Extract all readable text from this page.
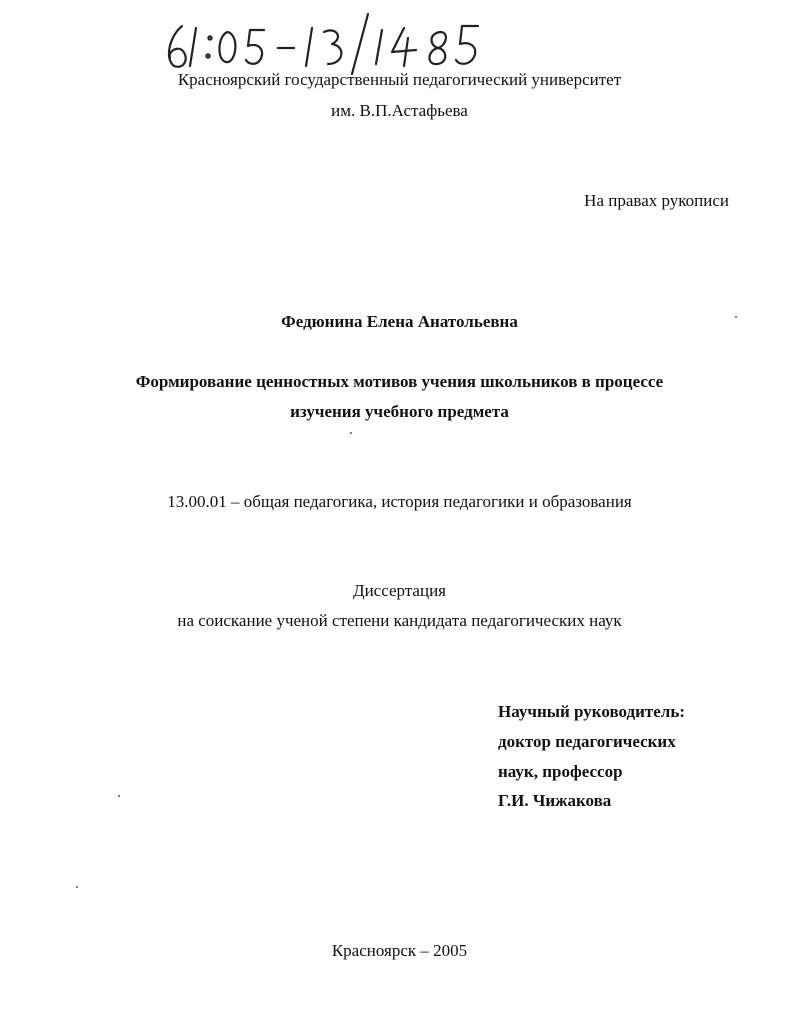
Красноярский государственный педагогический университет
им. В.П.Астафьева
На правах рукописи
Федюнина Елена Анатольевна
Формирование ценностных мотивов учения школьников в процессе
изучения учебного предмета
13.00.01 – общая педагогика, история педагогики и образования
Диссертация
на соискание ученой степени кандидата педагогических наук
Научный руководитель:
доктор педагогических
наук, профессор
Г.И. Чижакова
Красноярск – 2005
